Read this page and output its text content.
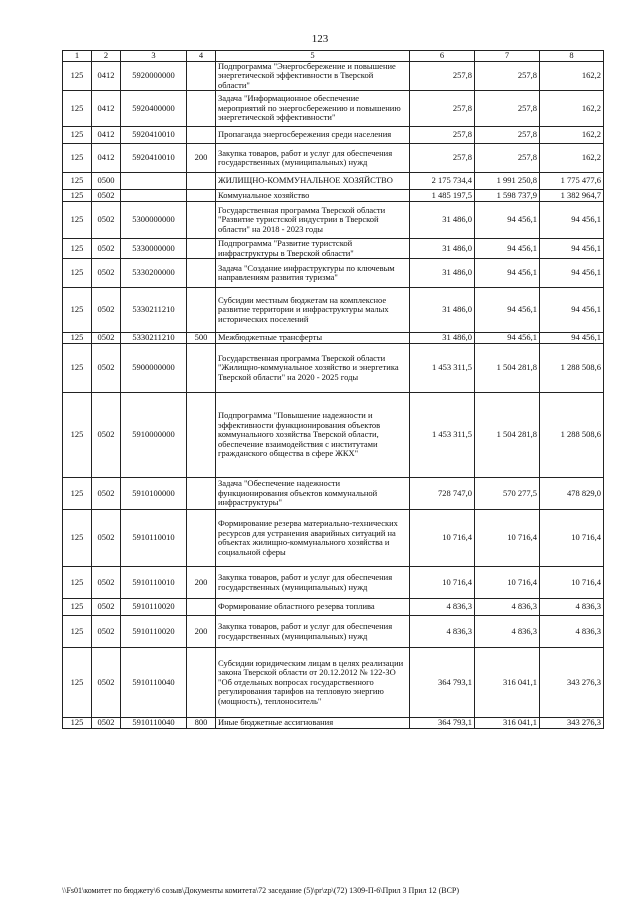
123
1	2	3	4	5	6	7	8
125	0412	5920000000		Подпрограмма "Энергосбережение и повышение энергетической эффективности в Тверской области"	257,8	257,8	162,2
125	0412	5920400000		Задача "Информационное обеспечение мероприятий по энергосбережению и повышению энергетической эффективности"	257,8	257,8	162,2
125	0412	5920410010		Пропаганда энергосбережения среди населения	257,8	257,8	162,2
125	0412	5920410010	200	Закупка товаров, работ и услуг для обеспечения государственных (муниципальных) нужд	257,8	257,8	162,2
125	0500			ЖИЛИЩНО-КОММУНАЛЬНОЕ ХОЗЯЙСТВО	2 175 734,4	1 991 250,8	1 775 477,6
125	0502			Коммунальное хозяйство	1 485 197,5	1 598 737,9	1 382 964,7
125	0502	5300000000		Государственная программа Тверской области "Развитие туристской индустрии в Тверской области" на 2018 - 2023 годы	31 486,0	94 456,1	94 456,1
125	0502	5330000000		Подпрограмма "Развитие туристской инфраструктуры в Тверской области"	31 486,0	94 456,1	94 456,1
125	0502	5330200000		Задача "Создание инфраструктуры по ключевым направлениям развития туризма"	31 486,0	94 456,1	94 456,1
125	0502	5330211210		Субсидии местным бюджетам на комплексное развитие территории и инфраструктуры малых исторических поселений	31 486,0	94 456,1	94 456,1
125	0502	5330211210	500	Межбюджетные трансферты	31 486,0	94 456,1	94 456,1
125	0502	5900000000		Государственная программа Тверской области "Жилищно-коммунальное хозяйство и энергетика Тверской области" на 2020 - 2025 годы	1 453 311,5	1 504 281,8	1 288 508,6
125	0502	5910000000		Подпрограмма "Повышение надежности и эффективности функционирования объектов коммунального хозяйства Тверской области, обеспечение взаимодействия с институтами гражданского общества в сфере ЖКХ"	1 453 311,5	1 504 281,8	1 288 508,6
125	0502	5910100000		Задача "Обеспечение надежности функционирования объектов коммунальной инфраструктуры"	728 747,0	570 277,5	478 829,0
125	0502	5910110010		Формирование резерва материально-технических ресурсов для устранения аварийных ситуаций на объектах жилищно-коммунального хозяйства и социальной сферы	10 716,4	10 716,4	10 716,4
125	0502	5910110010	200	Закупка товаров, работ и услуг для обеспечения государственных (муниципальных) нужд	10 716,4	10 716,4	10 716,4
125	0502	5910110020		Формирование областного резерва топлива	4 836,3	4 836,3	4 836,3
125	0502	5910110020	200	Закупка товаров, работ и услуг для обеспечения государственных (муниципальных) нужд	4 836,3	4 836,3	4 836,3
125	0502	5910110040		Субсидии юридическим лицам в целях реализации закона Тверской области от 20.12.2012 № 122-ЗО "Об отдельных вопросах государственного регулирования тарифов на тепловую энергию (мощность), теплоноситель"	364 793,1	316 041,1	343 276,3
125	0502	5910110040	800	Иные бюджетные ассигнования	364 793,1	316 041,1	343 276,3
\\Fs01\комитет по бюджету\6 созыв\Документы комитета\72 заседание (5)\pr\zp\(72) 1309-П-6\Прил 3 Прил 12 (ВСР)
